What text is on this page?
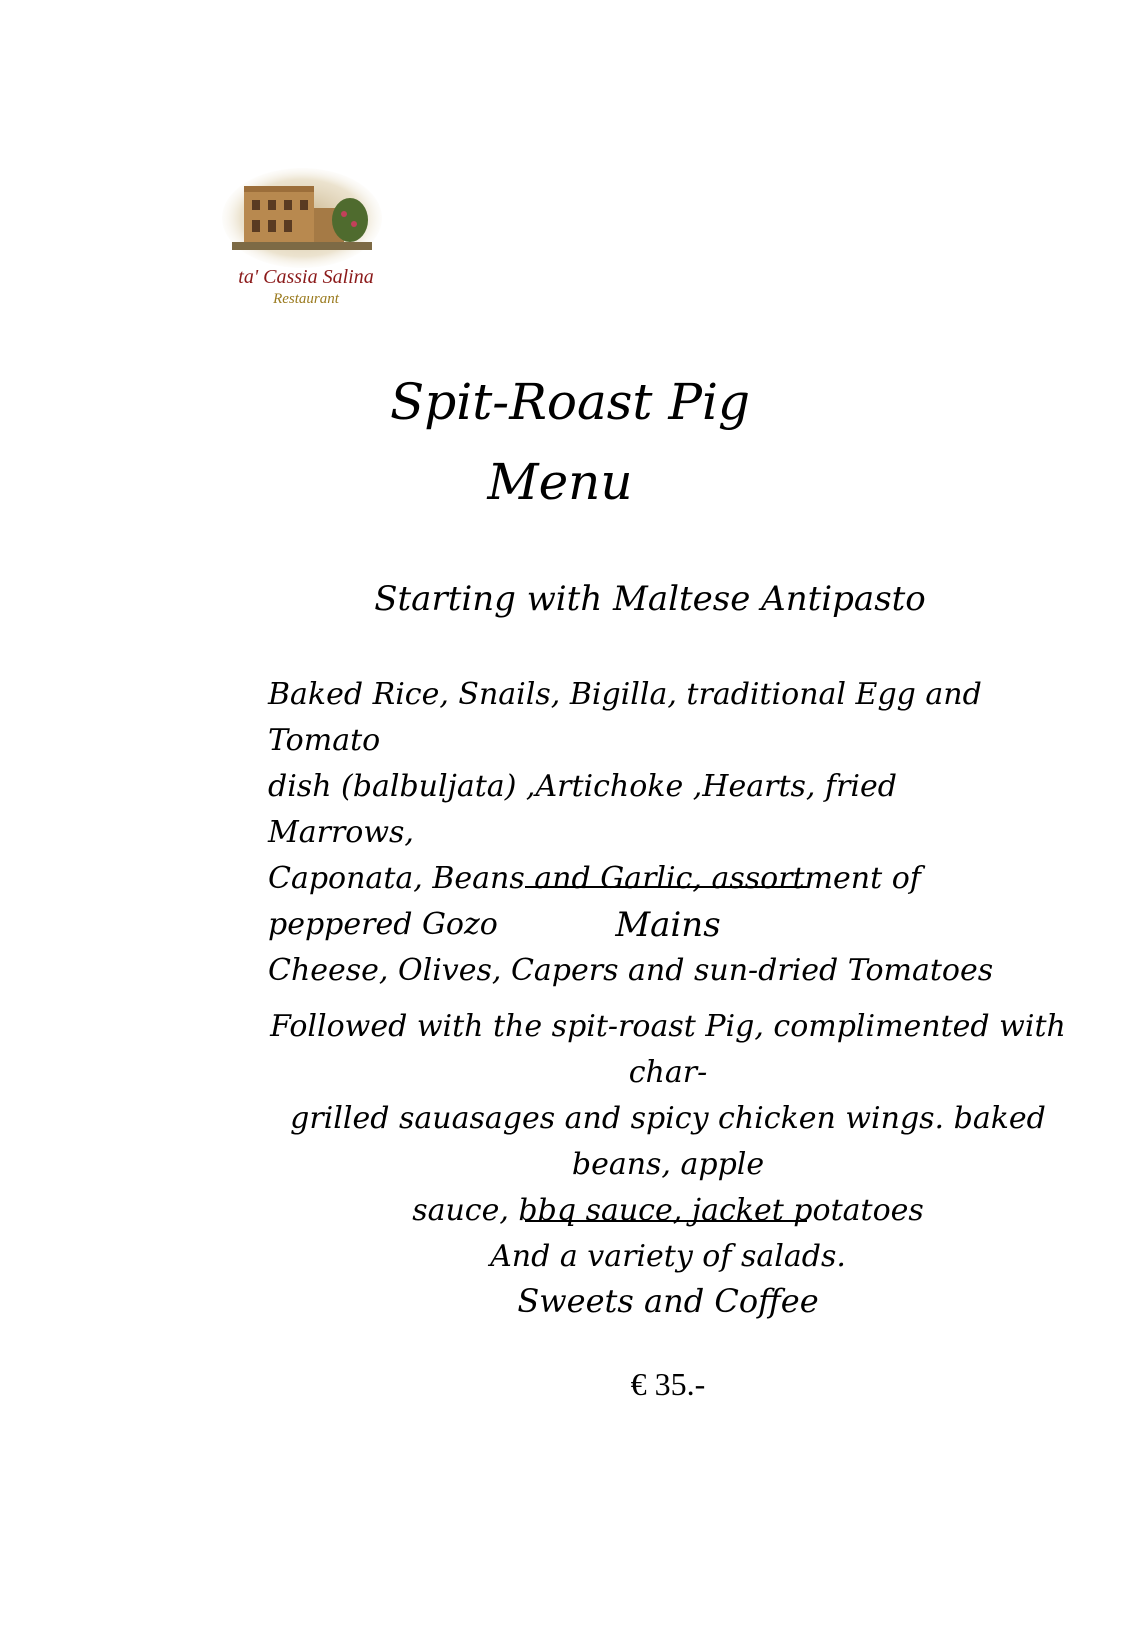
ta' Cassia Salina
Restaurant
Spit-Roast Pig
Menu
Starting with Maltese Antipasto
Baked Rice, Snails, Bigilla, traditional Egg and Tomato
dish (balbuljata) ,Artichoke ,Hearts, fried Marrows,
Caponata, Beans and Garlic, assortment of peppered Gozo
Cheese, Olives, Capers and sun-dried Tomatoes
Mains
Followed with the spit-roast Pig, complimented with char-
grilled sauasages and spicy chicken wings. baked beans, apple
sauce, bbq sauce, jacket potatoes
And a variety of salads.
Sweets and Coffee
€ 35.-
